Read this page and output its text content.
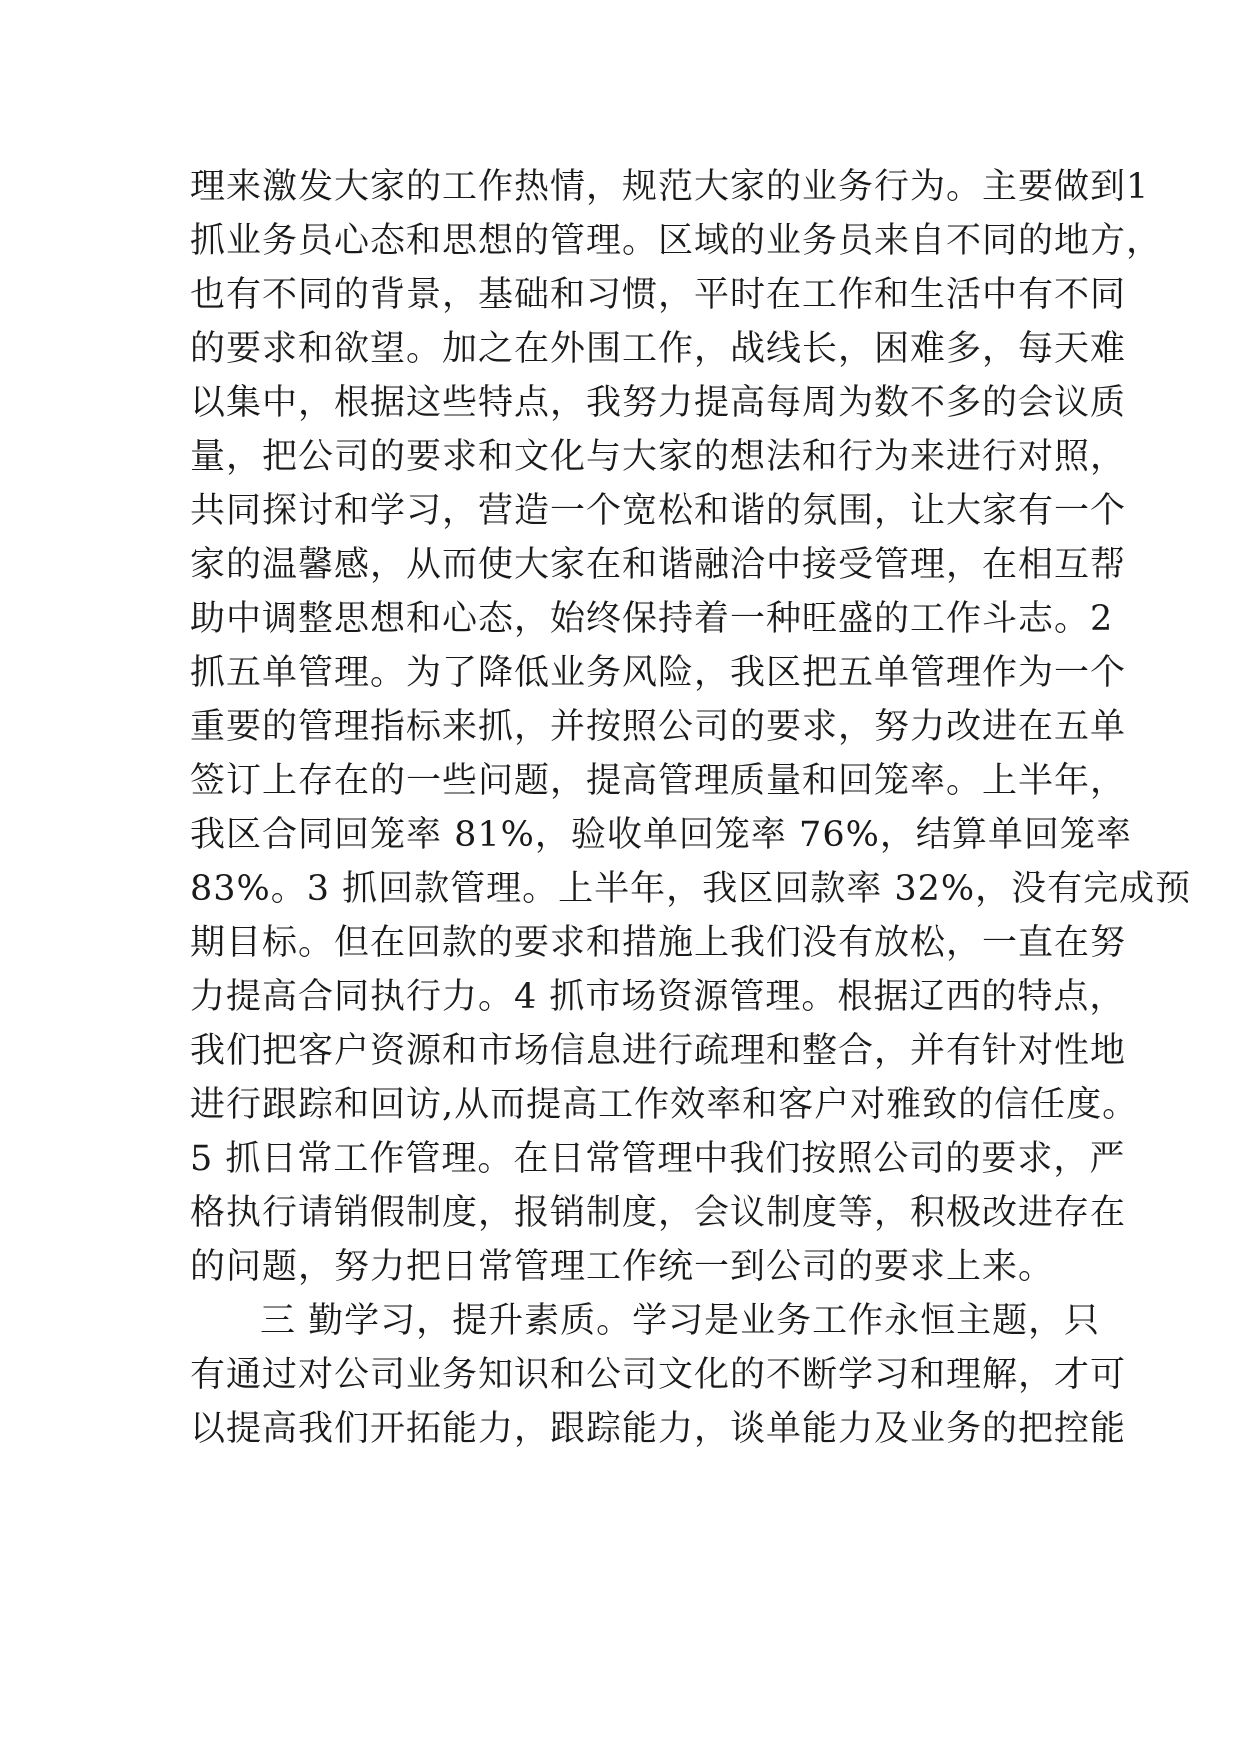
理来激发大家的工作热情，规范大家的业务行为。主要做到1
抓业务员心态和思想的管理。区域的业务员来自不同的地方，
也有不同的背景，基础和习惯，平时在工作和生活中有不同
的要求和欲望。加之在外围工作，战线长，困难多，每天难
以集中，根据这些特点，我努力提高每周为数不多的会议质
量，把公司的要求和文化与大家的想法和行为来进行对照，
共同探讨和学习，营造一个宽松和谐的氛围，让大家有一个
家的温馨感，从而使大家在和谐融洽中接受管理，在相互帮
助中调整思想和心态，始终保持着一种旺盛的工作斗志。2
抓五单管理。为了降低业务风险，我区把五单管理作为一个
重要的管理指标来抓，并按照公司的要求，努力改进在五单
签订上存在的一些问题，提高管理质量和回笼率。上半年，
我区合同回笼率 81%，验收单回笼率 76%，结算单回笼率
83%。3 抓回款管理。上半年，我区回款率 32%，没有完成预
期目标。但在回款的要求和措施上我们没有放松，一直在努
力提高合同执行力。4 抓市场资源管理。根据辽西的特点，
我们把客户资源和市场信息进行疏理和整合，并有针对性地
进行跟踪和回访,从而提高工作效率和客户对雅致的信任度。
5 抓日常工作管理。在日常管理中我们按照公司的要求，严
格执行请销假制度，报销制度，会议制度等，积极改进存在
的问题，努力把日常管理工作统一到公司的要求上来。
三 勤学习，提升素质。学习是业务工作永恒主题，只
有通过对公司业务知识和公司文化的不断学习和理解，才可
以提高我们开拓能力，跟踪能力，谈单能力及业务的把控能
